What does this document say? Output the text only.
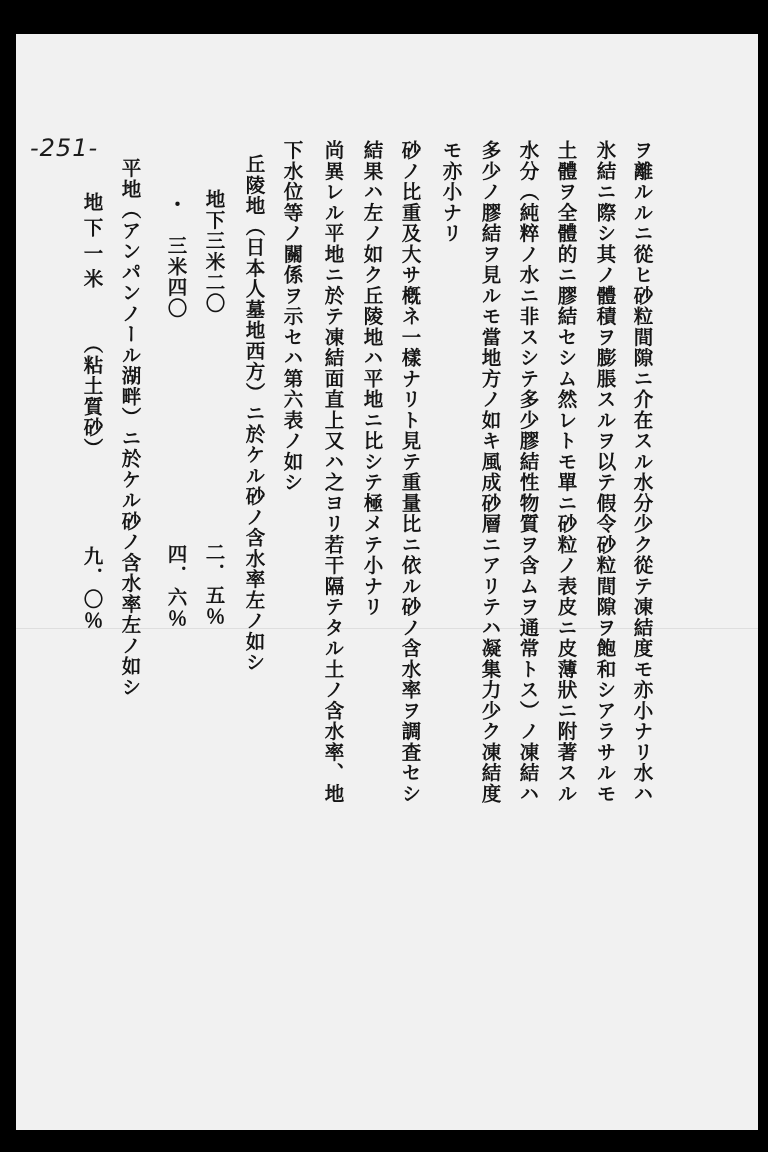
-251-	ヲ離ルルニ從ヒ砂粒間隙ニ介在スル水分少ク從テ凍結度モ亦小ナリ水ハ
氷結ニ際シ其ノ體積ヲ膨脹スルヲ以テ假令砂粒間隙ヲ飽和シアラサルモ
土體ヲ全體的ニ膠結セシム然レトモ單ニ砂粒ノ表皮ニ皮薄狀ニ附著スル
水分（純粹ノ水ニ非スシテ多少膠結性物質ヲ含ムヲ通常トス）ノ凍結ハ
多少ノ膠結ヲ見ルモ當地方ノ如キ風成砂層ニアリテハ凝集力少ク凍結度
モ亦小ナリ
砂ノ比重及大サ槪ネ一樣ナリト見テ重量比ニ依ル砂ノ含水率ヲ調査セシ
結果ハ左ノ如ク丘陵地ハ平地ニ比シテ極メテ小ナリ
尚異レル平地ニ於テ凍結面直上又ハ之ヨリ若干隔テタル土ノ含水率、地
下水位等ノ關係ヲ示セハ第六表ノ如シ
丘陵地（日本人墓地西方）ニ於ケル砂ノ含水率左ノ如シ
地下三米二〇
二．五％
・　三米四〇
四．六％
平地（アンパンノール湖畔）ニ於ケル砂ノ含水率左ノ如シ
地下一米
（粘土質砂）
九．〇％
